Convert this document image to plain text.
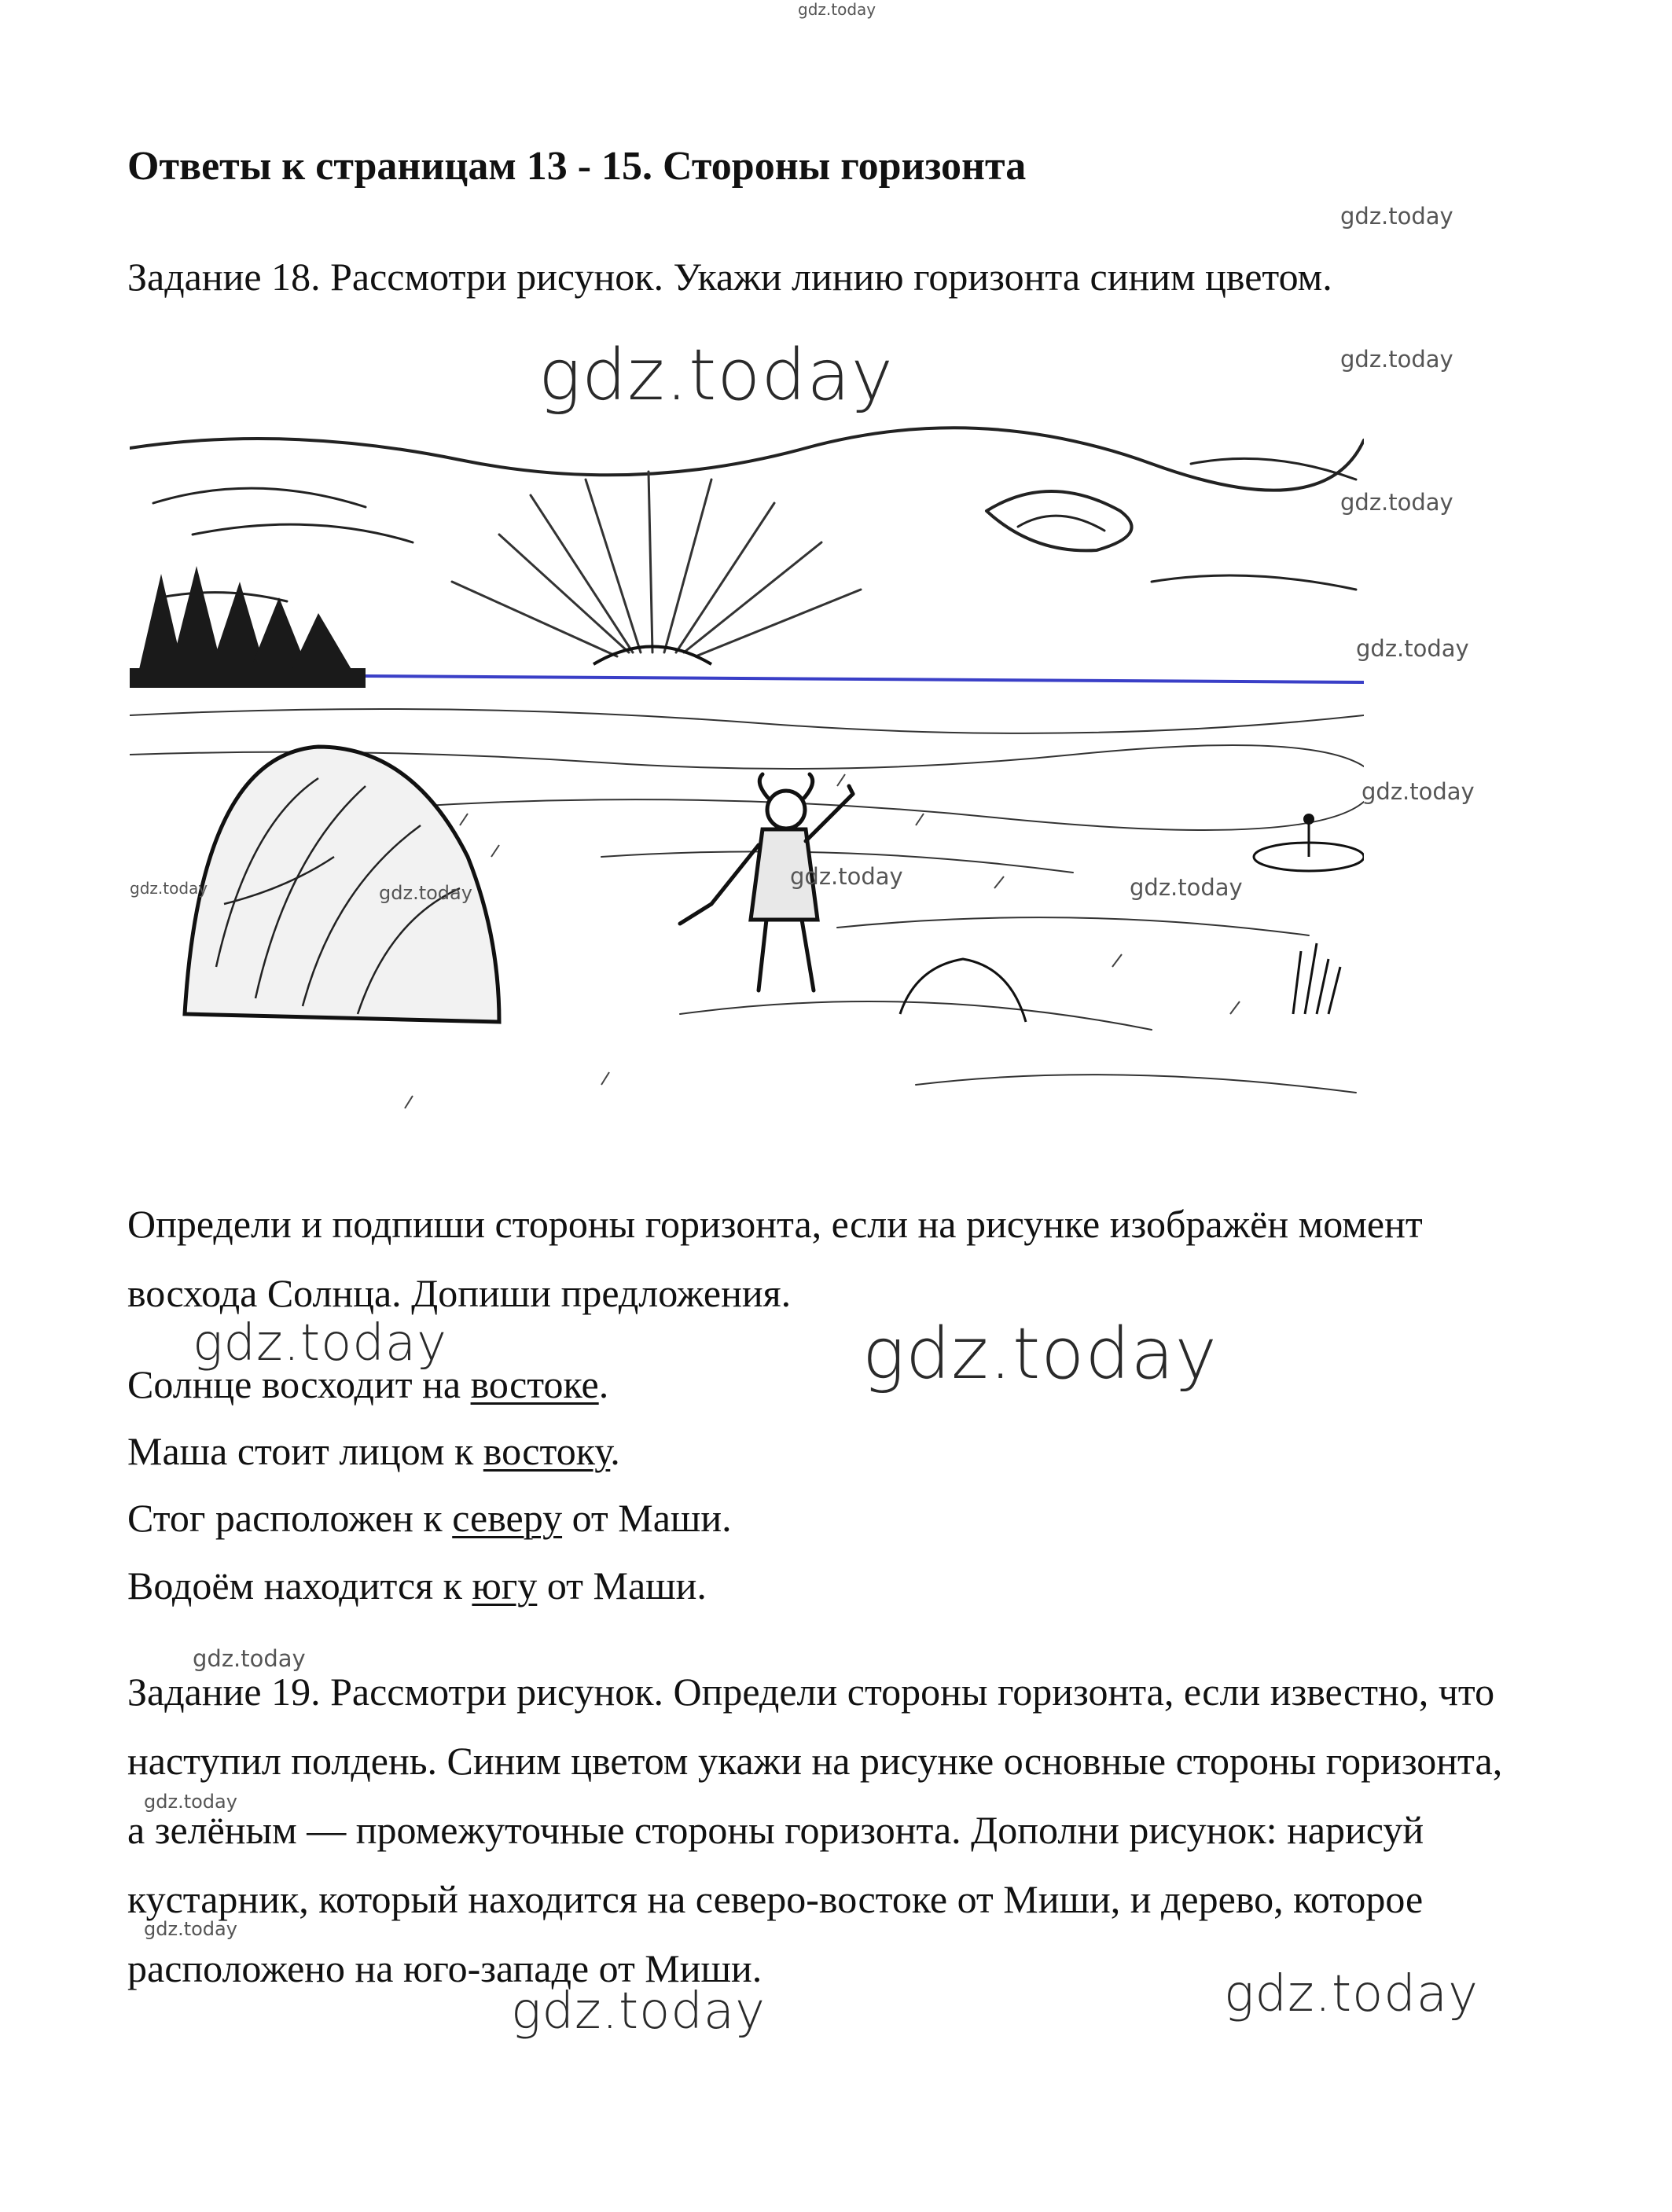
gdz.today
Ответы к страницам 13 - 15. Стороны горизонта
gdz.today
gdz.today
Задание 18. Рассмотри рисунок. Укажи линию горизонта синим цветом.
gdz.today
gdz.today
gdz.today
gdz.today
gdz.today	gdz.today
gdz.today	gdz.today
Определи и подпиши стороны горизонта, если на рисунке изображён момент восхода Солнца. Допиши предложения.
gdz.today	gdz.today
Солнце восходит на востоке.
Маша стоит лицом к востоку.
Стог расположен к северу от Маши.
Водоём находится к югу от Маши.
gdz.today
Задание 19. Рассмотри рисунок. Определи стороны горизонта, если известно, что наступил полдень. Синим цветом укажи на рисунке основные стороны горизонта, а зелёным — промежуточные стороны горизонта. Дополни рисунок: нарисуй кустарник, который находится на северо-востоке от Миши, и дерево, которое расположено на юго-западе от Миши.
gdz.today
gdz.today
gdz.today
gdz.today
